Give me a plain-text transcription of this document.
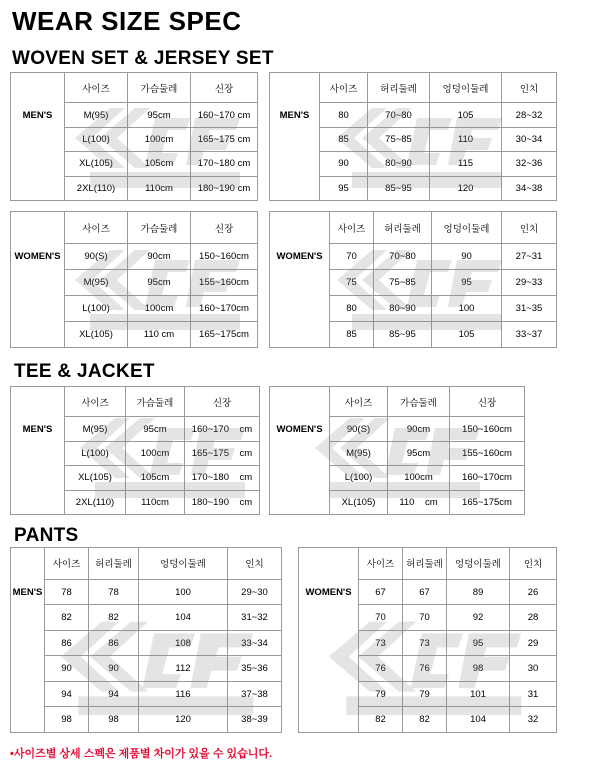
WEAR SIZE SPEC
WOVEN SET & JERSEY SET
TEE & JACKET
PANTS
	사이즈	가슴둘레	신장
MEN'S	M(95)	95cm	160~170 cm
	L(100)	100cm	165~175 cm
	XL(105)	105cm	170~180 cm
	2XL(110)	110cm	180~190 cm
	사이즈	허리둘레	엉덩이둘레	인치
MEN'S	80	70~80	105	28~32
	85	75~85	110	30~34
	90	80~90	115	32~36
	95	85~95	120	34~38
	사이즈	가슴둘레	신장
WOMEN'S	90(S)	90cm	150~160cm
	M(95)	95cm	155~160cm
	L(100)	100cm	160~170cm
	XL(105)	110 cm	165~175cm
	사이즈	허리둘레	엉덩이둘레	인치
WOMEN'S	70	70~80	90	27~31
	75	75~85	95	29~33
	80	80~90	100	31~35
	85	85~95	105	33~37
	사이즈	가슴둘레	신장
MEN'S	M(95)	95cm	160~170    cm
	L(100)	100cm	165~175    cm
	XL(105)	105cm	170~180    cm
	2XL(110)	110cm	180~190    cm
	사이즈	가슴둘레	신장
WOMEN'S	90(S)	90cm	150~160cm
	M(95)	95cm	155~160cm
	L(100)	100cm	160~170cm
	XL(105)	110    cm	165~175cm
	사이즈	허리둘레	엉덩이둘레	인치
MEN'S	78	78	100	29~30
	82	82	104	31~32
	86	86	108	33~34
	90	90	112	35~36
	94	94	116	37~38
	98	98	120	38~39
	사이즈	허리둘레	엉덩이둘레	인치
WOMEN'S	67	67	89	26
	70	70	92	28
	73	73	95	29
	76	76	98	30
	79	79	101	31
	82	82	104	32

•사이즈별 상세 스펙은 제품별 차이가 있을 수 있습니다.
